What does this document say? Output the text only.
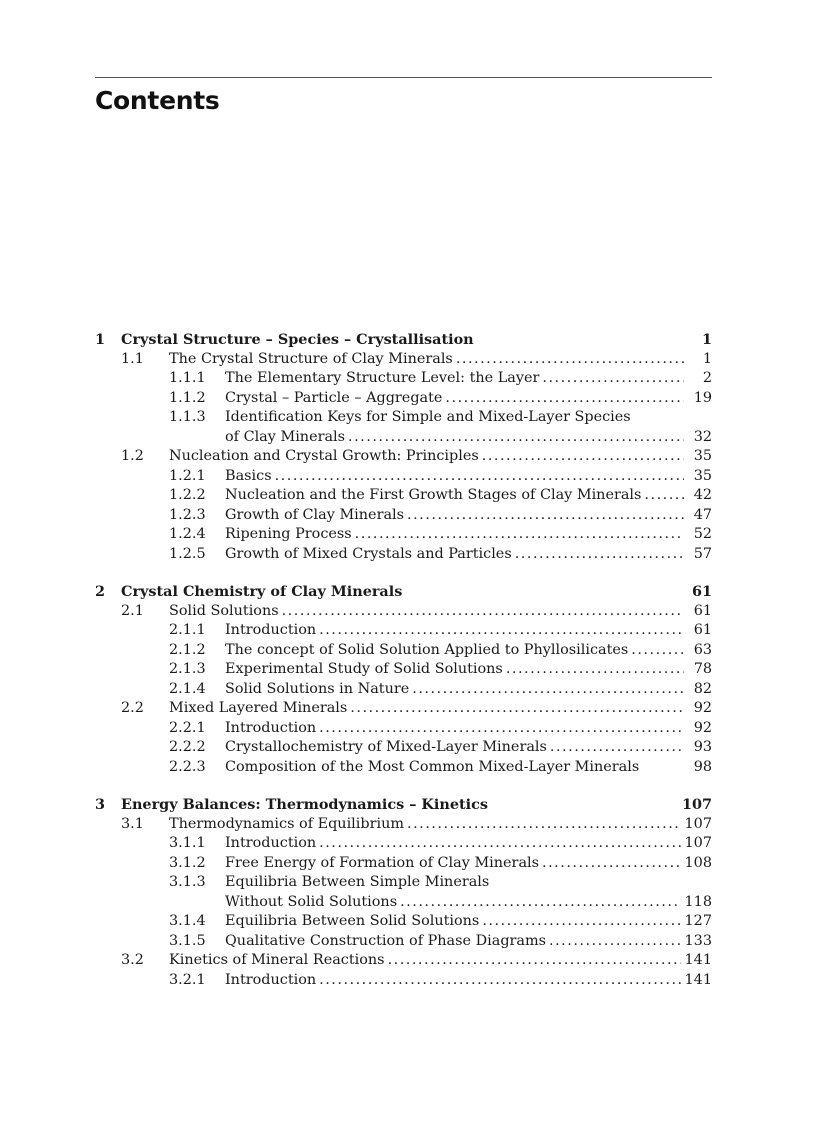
Contents
1 Crystal Structure – Species – Crystallisation	1
1.1 The Crystal Structure of Clay Minerals .....	1
1.1.1 The Elementary Structure Level: the Layer .....	2
1.1.2 Crystal – Particle – Aggregate .....	19
1.1.3 Identification Keys for Simple and Mixed-Layer Species
of Clay Minerals .....	32
1.2 Nucleation and Crystal Growth: Principles .....	35
1.2.1 Basics .....	35
1.2.2 Nucleation and the First Growth Stages of Clay Minerals .....	42
1.2.3 Growth of Clay Minerals .....	47
1.2.4 Ripening Process .....	52
1.2.5 Growth of Mixed Crystals and Particles .....	57
2 Crystal Chemistry of Clay Minerals	61
2.1 Solid Solutions .....	61
2.1.1 Introduction .....	61
2.1.2 The concept of Solid Solution Applied to Phyllosilicates .....	63
2.1.3 Experimental Study of Solid Solutions .....	78
2.1.4 Solid Solutions in Nature .....	82
2.2 Mixed Layered Minerals .....	92
2.2.1 Introduction .....	92
2.2.2 Crystallochemistry of Mixed-Layer Minerals .....	93
2.2.3 Composition of the Most Common Mixed-Layer Minerals	98
3 Energy Balances: Thermodynamics – Kinetics	107
3.1 Thermodynamics of Equilibrium .....	107
3.1.1 Introduction .....	107
3.1.2 Free Energy of Formation of Clay Minerals .....	108
3.1.3 Equilibria Between Simple Minerals
Without Solid Solutions .....	118
3.1.4 Equilibria Between Solid Solutions .....	127
3.1.5 Qualitative Construction of Phase Diagrams .....	133
3.2 Kinetics of Mineral Reactions .....	141
3.2.1 Introduction .....	141
